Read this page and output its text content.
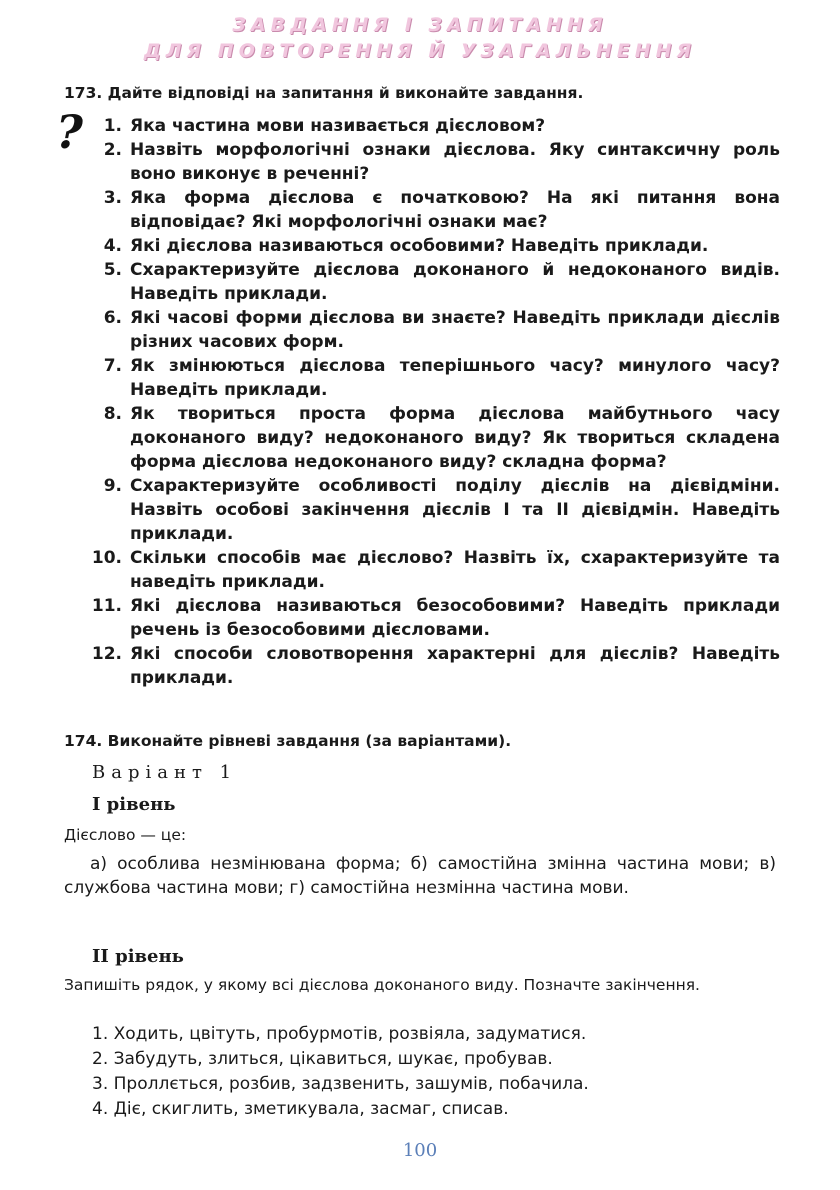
ЗАВДАННЯ І ЗАПИТАННЯ
ДЛЯ ПОВТОРЕННЯ Й УЗАГАЛЬНЕННЯ
173. Дайте відповіді на запитання й виконайте завдання.
?	1. Яка частина мови називається дієсловом?
2. Назвіть морфологічні ознаки дієслова. Яку синтаксичну роль воно виконує в реченні?
3. Яка форма дієслова є початковою? На які питання вона відповідає? Які морфологічні ознаки має?
4. Які дієслова називаються особовими? Наведіть приклади.
5. Схарактеризуйте дієслова доконаного й недоконаного видів. Наведіть приклади.
6. Які часові форми дієслова ви знаєте? Наведіть приклади дієслів різних часових форм.
7. Як змінюються дієслова теперішнього часу? минулого часу? Наведіть приклади.
8. Як твориться проста форма дієслова майбутнього часу доконаного виду? недоконаного виду? Як твориться складена форма дієслова недоконаного виду? складна форма?
9. Схарактеризуйте особливості поділу дієслів на дієвідміни. Назвіть особові закінчення дієслів I та II дієвідмін. Наведіть приклади.
10. Скільки способів має дієслово? Назвіть їх, схарактеризуйте та наведіть приклади.
11. Які дієслова називаються безособовими? Наведіть приклади речень із безособовими дієсловами.
12. Які способи словотворення характерні для дієслів? Наведіть приклади.
174. Виконайте рівневі завдання (за варіантами).
Варіант 1
I рівень
Дієслово — це:
а) особлива незмінювана форма; б) самостійна змінна частина мови; в) службова частина мови; г) самостійна незмінна частина мови.
II рівень
Запишіть рядок, у якому всі дієслова доконаного виду. Позначте закінчення.
1. Ходить, цвітуть, пробурмотів, розвіяла, задуматися.
2. Забудуть, злиться, цікавиться, шукає, пробував.
3. Проллється, розбив, задзвенить, зашумів, побачила.
4. Діє, скиглить, зметикувала, засмаг, списав.
100
